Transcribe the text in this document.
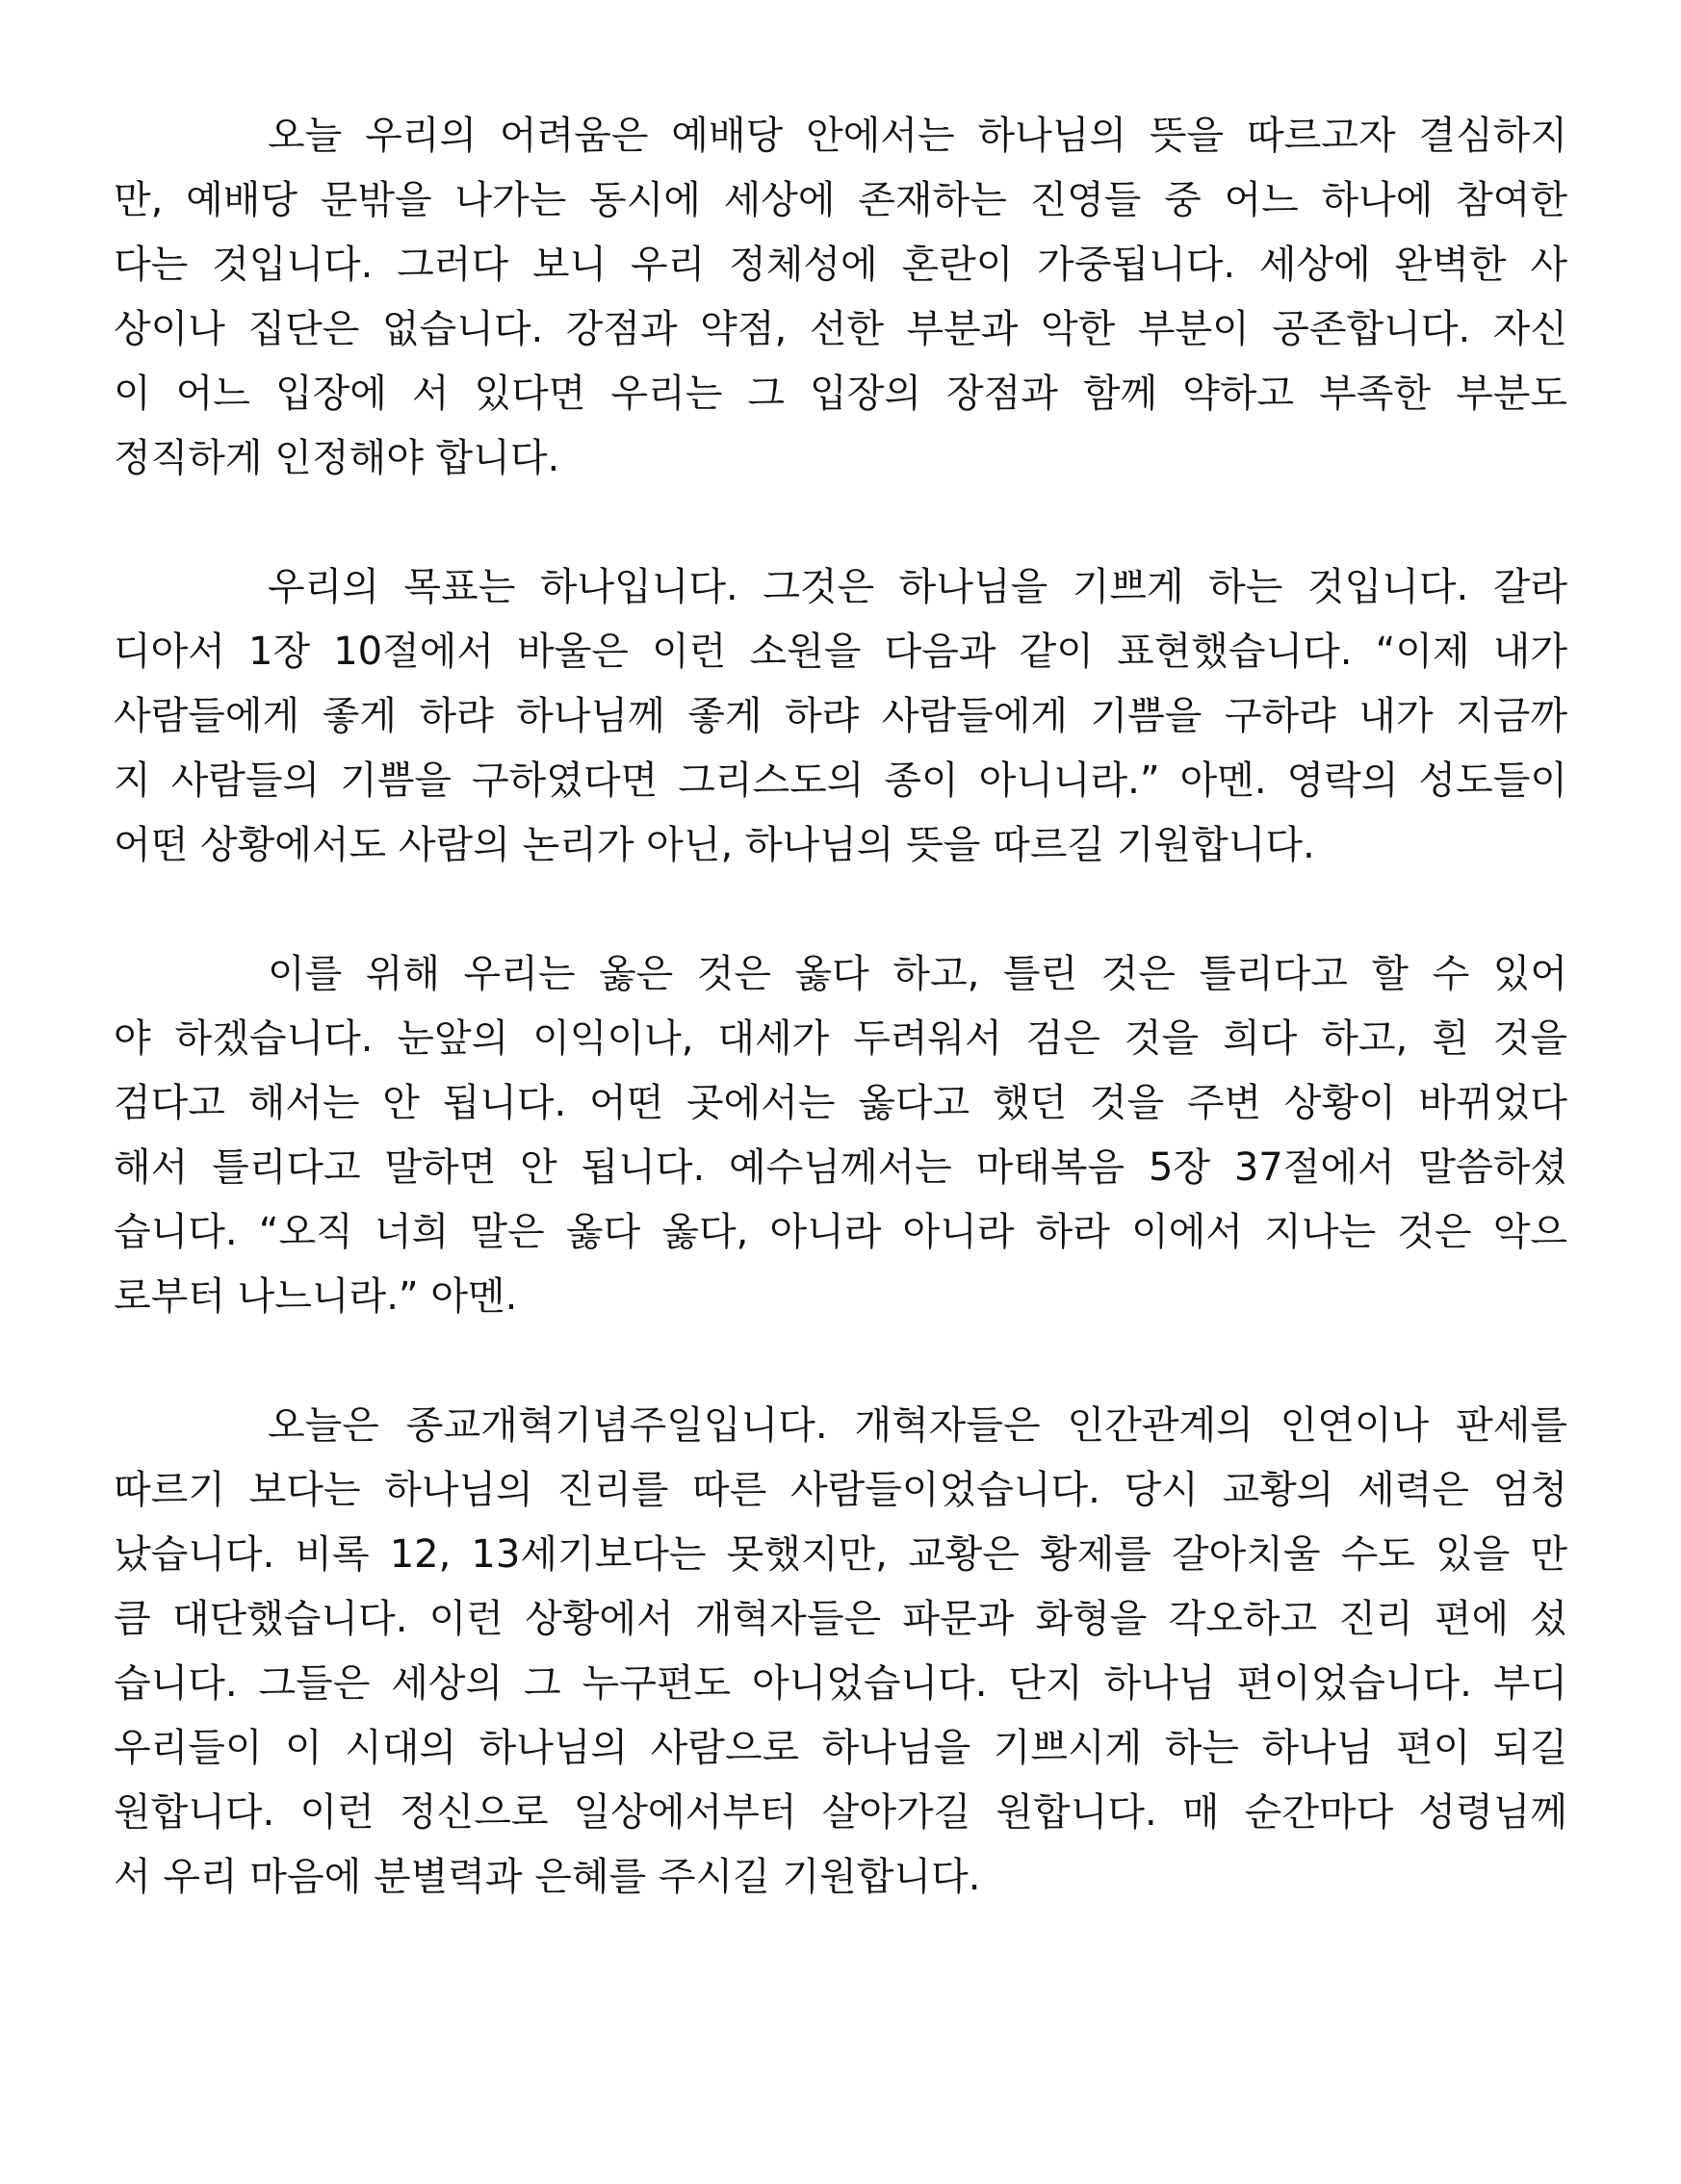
오늘 우리의 어려움은 예배당 안에서는 하나님의 뜻을 따르고자 결심하지
만, 예배당 문밖을 나가는 동시에 세상에 존재하는 진영들 중 어느 하나에 참여한
다는 것입니다. 그러다 보니 우리 정체성에 혼란이 가중됩니다. 세상에 완벽한 사
상이나 집단은 없습니다. 강점과 약점, 선한 부분과 악한 부분이 공존합니다. 자신
이 어느 입장에 서 있다면 우리는 그 입장의 장점과 함께 약하고 부족한 부분도
정직하게 인정해야 합니다.
우리의 목표는 하나입니다. 그것은 하나님을 기쁘게 하는 것입니다. 갈라
디아서 1장 10절에서 바울은 이런 소원을 다음과 같이 표현했습니다. “이제 내가
사람들에게 좋게 하랴 하나님께 좋게 하랴 사람들에게 기쁨을 구하랴 내가 지금까
지 사람들의 기쁨을 구하였다면 그리스도의 종이 아니니라.” 아멘. 영락의 성도들이
어떤 상황에서도 사람의 논리가 아닌, 하나님의 뜻을 따르길 기원합니다.
이를 위해 우리는 옳은 것은 옳다 하고, 틀린 것은 틀리다고 할 수 있어
야 하겠습니다. 눈앞의 이익이나, 대세가 두려워서 검은 것을 희다 하고, 흰 것을
검다고 해서는 안 됩니다. 어떤 곳에서는 옳다고 했던 것을 주변 상황이 바뀌었다
해서 틀리다고 말하면 안 됩니다. 예수님께서는 마태복음 5장 37절에서 말씀하셨
습니다. “오직 너희 말은 옳다 옳다, 아니라 아니라 하라 이에서 지나는 것은 악으
로부터 나느니라.” 아멘.
오늘은 종교개혁기념주일입니다. 개혁자들은 인간관계의 인연이나 판세를
따르기 보다는 하나님의 진리를 따른 사람들이었습니다. 당시 교황의 세력은 엄청
났습니다. 비록 12, 13세기보다는 못했지만, 교황은 황제를 갈아치울 수도 있을 만
큼 대단했습니다. 이런 상황에서 개혁자들은 파문과 화형을 각오하고 진리 편에 섰
습니다. 그들은 세상의 그 누구편도 아니었습니다. 단지 하나님 편이었습니다. 부디
우리들이 이 시대의 하나님의 사람으로 하나님을 기쁘시게 하는 하나님 편이 되길
원합니다. 이런 정신으로 일상에서부터 살아가길 원합니다. 매 순간마다 성령님께
서 우리 마음에 분별력과 은혜를 주시길 기원합니다.
